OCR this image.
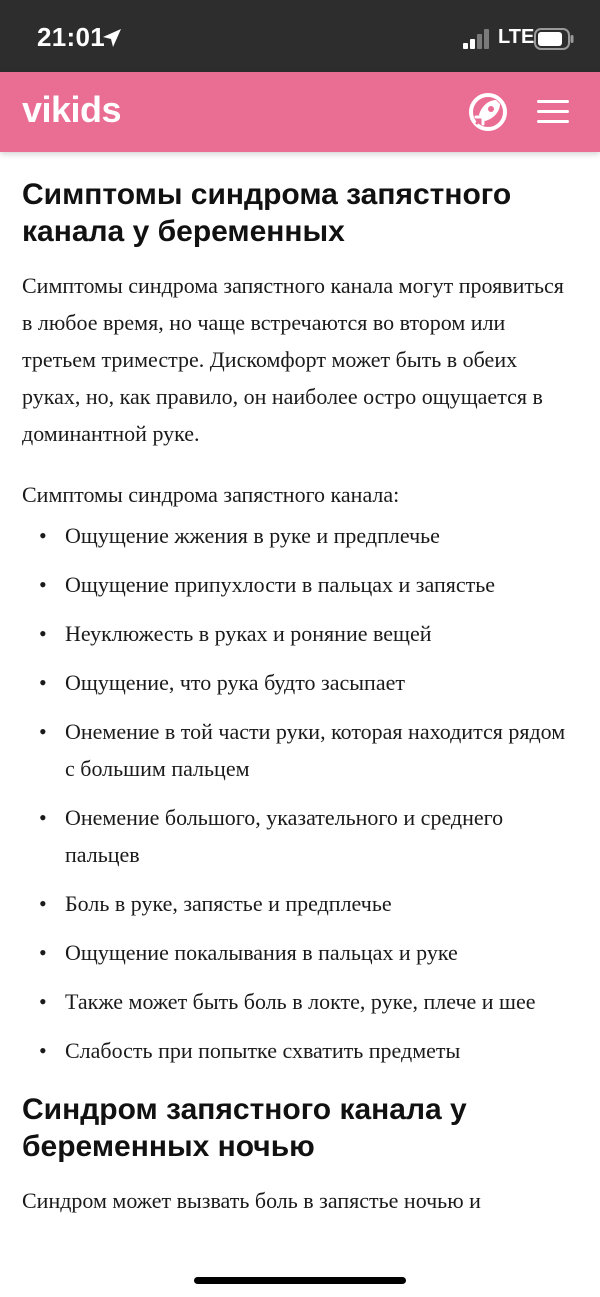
21:01	LTE
vikids
Симптомы синдрома запястного канала у беременных

Симптомы синдрома запястного канала могут проявиться в любое время, но чаще встречаются во втором или третьем триместре. Дискомфорт может быть в обеих руках, но, как правило, он наиболее остро ощущается в доминантной руке.

Симптомы синдрома запястного канала:

• Ощущение жжения в руке и предплечье
• Ощущение припухлости в пальцах и запястье
• Неуклюжесть в руках и роняние вещей
• Ощущение, что рука будто засыпает
• Онемение в той части руки, которая находится рядом с большим пальцем
• Онемение большого, указательного и среднего пальцев
• Боль в руке, запястье и предплечье
• Ощущение покалывания в пальцах и руке
• Также может быть боль в локте, руке, плече и шее
• Слабость при попытке схватить предметы
Синдром запястного канала у беременных ночью

Синдром может вызвать боль в запястье ночью и
